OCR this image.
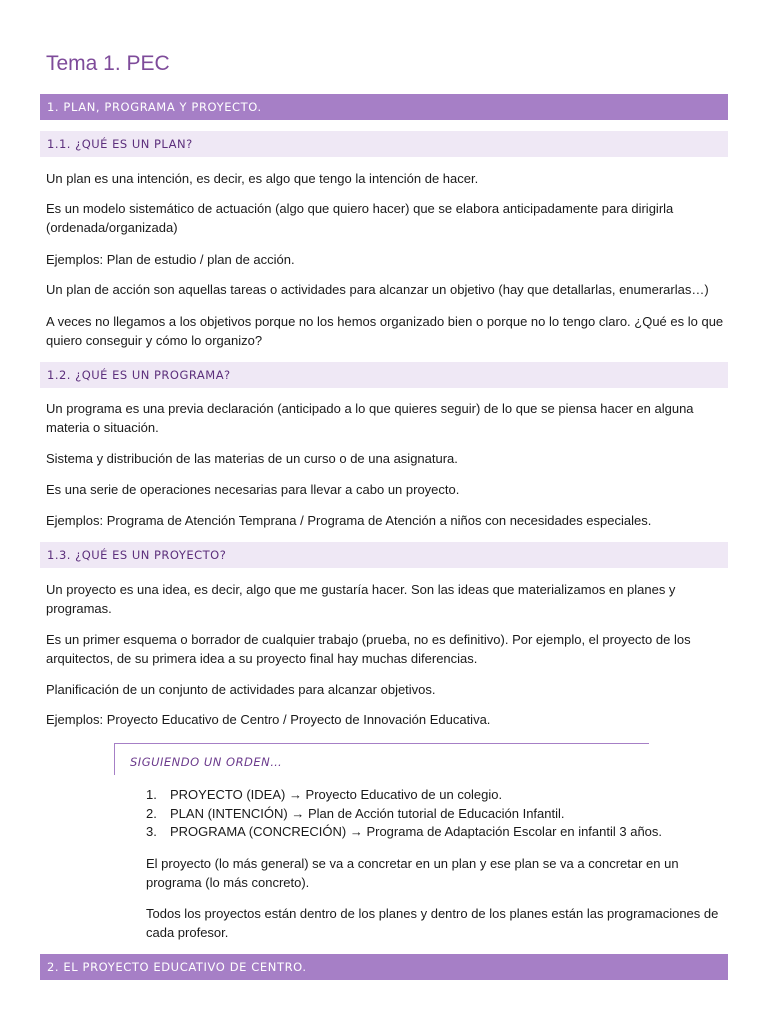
Tema 1. PEC
1. PLAN, PROGRAMA Y PROYECTO.
1.1. ¿QUÉ ES UN PLAN?

Un plan es una intención, es decir, es algo que tengo la intención de hacer.

Es un modelo sistemático de actuación (algo que quiero hacer) que se elabora anticipadamente para dirigirla (ordenada/organizada)

Ejemplos: Plan de estudio / plan de acción.

Un plan de acción son aquellas tareas o actividades para alcanzar un objetivo (hay que detallarlas, enumerarlas…)

A veces no llegamos a los objetivos porque no los hemos organizado bien o porque no lo tengo claro. ¿Qué es lo que quiero conseguir y cómo lo organizo?

1.2. ¿QUÉ ES UN PROGRAMA?

Un programa es una previa declaración (anticipado a lo que quieres seguir) de lo que se piensa hacer en alguna materia o situación.

Sistema y distribución de las materias de un curso o de una asignatura.

Es una serie de operaciones necesarias para llevar a cabo un proyecto.

Ejemplos: Programa de Atención Temprana / Programa de Atención a niños con necesidades especiales.

1.3. ¿QUÉ ES UN PROYECTO?

Un proyecto es una idea, es decir, algo que me gustaría hacer. Son las ideas que materializamos en planes y programas.

Es un primer esquema o borrador de cualquier trabajo (prueba, no es definitivo). Por ejemplo, el proyecto de los arquitectos, de su primera idea a su proyecto final hay muchas diferencias.

Planificación de un conjunto de actividades para alcanzar objetivos.

Ejemplos: Proyecto Educativo de Centro / Proyecto de Innovación Educativa.

SIGUIENDO UN ORDEN…
1. PROYECTO (IDEA) → Proyecto Educativo de un colegio.
2. PLAN (INTENCIÓN) → Plan de Acción tutorial de Educación Infantil.
3. PROGRAMA (CONCRECIÓN) → Programa de Adaptación Escolar en infantil 3 años.

El proyecto (lo más general) se va a concretar en un plan y ese plan se va a concretar en un programa (lo más concreto).

Todos los proyectos están dentro de los planes y dentro de los planes están las programaciones de cada profesor.

2. EL PROYECTO EDUCATIVO DE CENTRO.
